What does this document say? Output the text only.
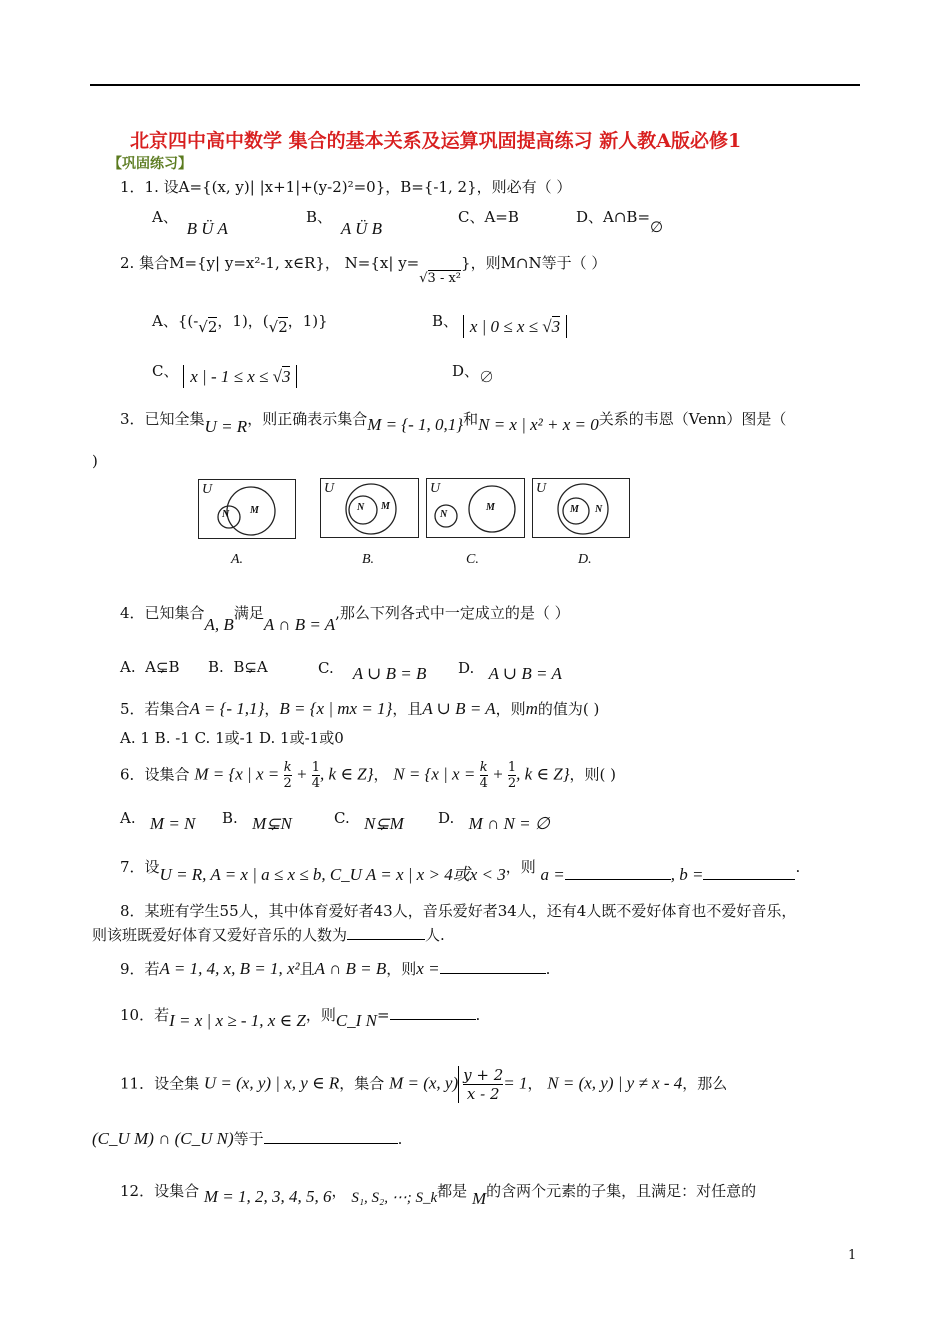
北京四中高中数学 集合的基本关系及运算巩固提高练习 新人教A版必修1
【巩固练习】
1．1. 设A={(x, y)| |x+1|+(y-2)²=0}，B={-1, 2}，则必有（ ）
A、 B Ü A
B、 A Ü B
C、A=B	D、A∩B=∅
2. 集合M={y| y=x²-1, x∈R}， N={x| y=√3 - x²}，则M∩N等于（ ）
A、{(-√2，1)，(√2，1)}	B、 x | 0 ≤ x ≤ √3
C、 x | - 1 ≤ x ≤ √3	D、∅
3．已知全集U = R，则正确表示集合M = {- 1, 0,1}和N = x | x² + x = 0关系的韦恩（Venn）图是（
)
U
N M
U
N M
U
N
M
U
M N
A.	B.	C.	D.
4．已知集合A, B满足A ∩ B = A,那么下列各式中一定成立的是（ ）
A. A⊊B B. B⊊A	C. A ∪ B = B D. A ∪ B = A
5．若集合A = {- 1,1}，B = {x | mx = 1}，且A ∪ B = A，则m的值为( )
A. 1 B. -1 C. 1或-1 D. 1或-1或0
6．设集合 M = {x | $x = \frac{k}{2} + \frac{1}{4}$ , k ∈ Z}， N = {x | $x = \frac{k}{4} + \frac{1}{2}$ , k ∈ Z}，则( )
A. M = N B. M⊊N	C. N⊊M D. M ∩ N = ∅
7．设U = R, A = x | a ≤ x ≤ b, C_U A = x | x > 4或x < 3，则 a =	, b =	.
8．某班有学生55人，其中体育爱好者43人，音乐爱好者34人，还有4人既不爱好体育也不爱好音乐，
则该班既爱好体育又爱好音乐的人数为	人.
9．若A = 1, 4, x, B = 1, x²且A ∩ B = B，则x =	.
10．若I = x | x ≥ - 1, x ∈ Z，则C_I N=	.
11．设全集 U = (x, y) | x, y ∈ R，集合 M = (x, $y) \frac{y + 2}{x - 2} = 1$， N = (x, y) | y ≠ x - 4，那么
(C_U M) ∩ (C_U N)等于	.
12．设集合 M = 1, 2, 3, 4, 5, 6， S₁, S₂, ⋯; S_k都是 M的含两个元素的子集，且满足：对任意的
1
